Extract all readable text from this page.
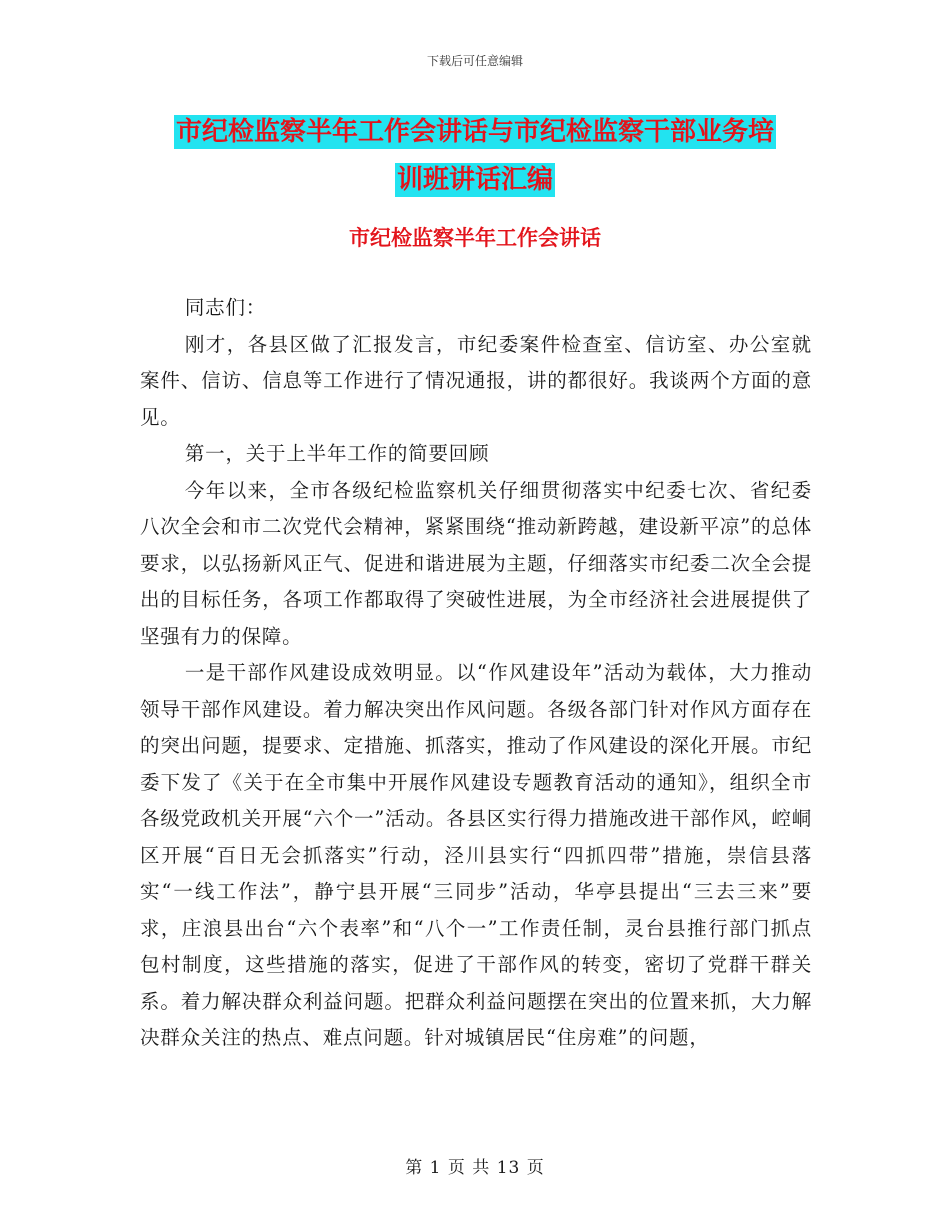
下载后可任意编辑
市纪检监察半年工作会讲话与市纪检监察干部业务培
训班讲话汇编
市纪检监察半年工作会讲话

同志们：

刚才，各县区做了汇报发言，市纪委案件检查室、信访室、办公室就案件、信访、信息等工作进行了情况通报，讲的都很好。我谈两个方面的意见。

第一，关于上半年工作的简要回顾

今年以来，全市各级纪检监察机关仔细贯彻落实中纪委七次、省纪委八次全会和市二次党代会精神，紧紧围绕“推动新跨越，建设新平凉”的总体要求，以弘扬新风正气、促进和谐进展为主题，仔细落实市纪委二次全会提出的目标任务，各项工作都取得了突破性进展，为全市经济社会进展提供了坚强有力的保障。

一是干部作风建设成效明显。以“作风建设年”活动为载体，大力推动领导干部作风建设。着力解决突出作风问题。各级各部门针对作风方面存在的突出问题，提要求、定措施、抓落实，推动了作风建设的深化开展。市纪委下发了《关于在全市集中开展作风建设专题教育活动的通知》，组织全市各级党政机关开展“六个一”活动。各县区实行得力措施改进干部作风，崆峒区开展“百日无会抓落实”行动，泾川县实行“四抓四带”措施，崇信县落实“一线工作法”，静宁县开展“三同步”活动，华亭县提出“三去三来”要求，庄浪县出台“六个表率”和“八个一”工作责任制，灵台县推行部门抓点包村制度，这些措施的落实，促进了干部作风的转变，密切了党群干群关系。着力解决群众利益问题。把群众利益问题摆在突出的位置来抓，大力解决群众关注的热点、难点问题。针对城镇居民“住房难”的问题，

第 1 页 共 13 页
